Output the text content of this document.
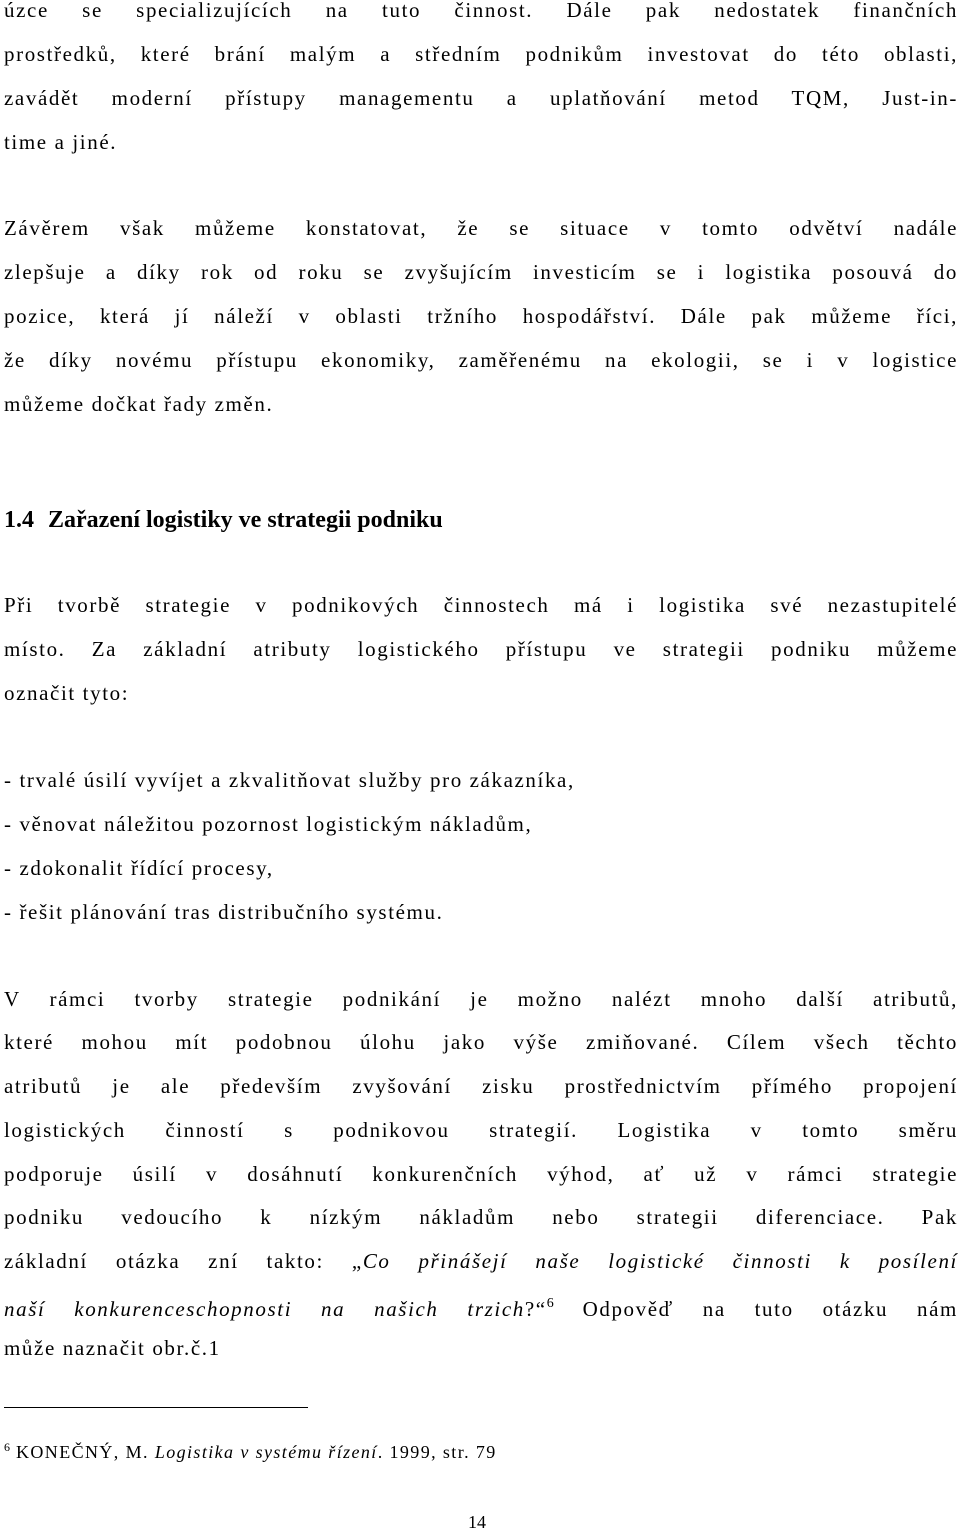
úzce se specializujících na tuto činnost. Dále pak nedostatek finančních
prostředků, které brání malým a středním podnikům investovat do této oblasti,
zavádět moderní přístupy managementu a uplatňování metod TQM, Just-in-
time a jiné.
Závěrem však můžeme konstatovat, že se situace v tomto odvětví nadále
zlepšuje a díky rok od roku se zvyšujícím investicím se i logistika posouvá do
pozice, která jí náleží v oblasti tržního hospodářství. Dále pak můžeme říci,
že díky novému přístupu ekonomiky, zaměřenému na ekologii, se i v logistice
můžeme dočkat řady změn.
1.4 Zařazení logistiky ve strategii podniku
Při tvorbě strategie v podnikových činnostech má i logistika své nezastupitelé
místo. Za základní atributy logistického přístupu ve strategii podniku můžeme
označit tyto:
- trvalé úsilí vyvíjet a zkvalitňovat služby pro zákazníka,
- věnovat náležitou pozornost logistickým nákladům,
- zdokonalit řídící procesy,
- řešit plánování tras distribučního systému.
V rámci tvorby strategie podnikání je možno nalézt mnoho další atributů,
které mohou mít podobnou úlohu jako výše zmiňované. Cílem všech těchto
atributů je ale především zvyšování zisku prostřednictvím přímého propojení
logistických činností s podnikovou strategií. Logistika v tomto směru
podporuje úsilí v dosáhnutí konkurenčních výhod, ať už v rámci strategie
podniku vedoucího k nízkým nákladům nebo strategii diferenciace. Pak
základní otázka zní takto: „Co přinášejí naše logistické činnosti k posílení
naší konkurenceschopnosti na našich trzich?“$^6$ Odpověď na tuto otázku nám
může naznačit obr.č.1
$^6$ KONEČNÝ, M. Logistika v systému řízení. 1999, str. 79
14
